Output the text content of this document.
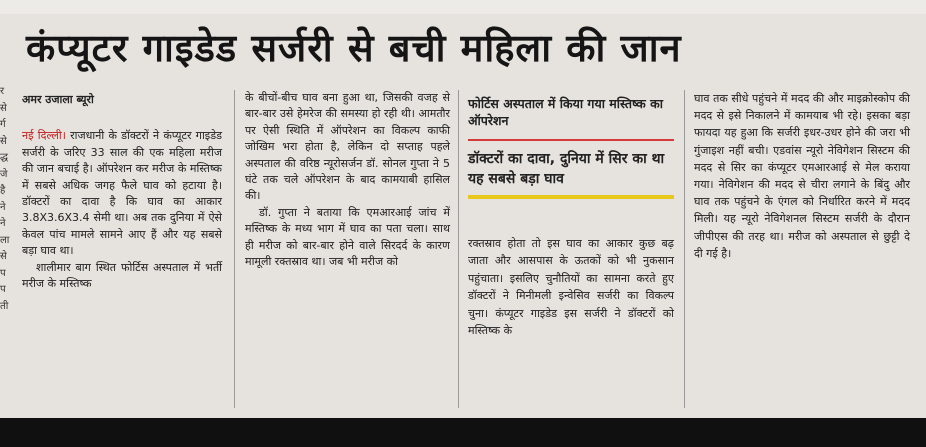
कंप्यूटर गाइडेड सर्जरी से बची महिला की जान
र
से
र्ग
से
द्ध
जे
है
ने
ने
ला
से
प
प
ती

अमर उजाला ब्यूरो

नई दिल्ली। राजधानी के डॉक्टरों ने कंप्यूटर गाइडेड सर्जरी के जरिए 33 साल की एक महिला मरीज की जान बचाई है। ऑपरेशन कर मरीज के मस्तिष्क में सबसे अधिक जगह फैले घाव को हटाया है। डॉक्टरों का दावा है कि घाव का आकार 3.8X3.6X3.4 सेमी था। अब तक दुनिया में ऐसे केवल पांच मामले सामने आए हैं और यह सबसे बड़ा घाव था।

शालीमार बाग स्थित फोर्टिस अस्पताल में भर्ती मरीज के मस्तिष्क

के बीचों-बीच घाव बना हुआ था, जिसकी वजह से बार-बार उसे हेमरेज की समस्या हो रही थी। आमतौर पर ऐसी स्थिति में ऑपरेशन का विकल्प काफी जोखिम भरा होता है, लेकिन दो सप्ताह पहले अस्पताल की वरिष्ठ न्यूरोसर्जन डॉ. सोनल गुप्ता ने 5 घंटे तक चले ऑपरेशन के बाद कामयाबी हासिल की।

डॉ. गुप्ता ने बताया कि एमआरआई जांच में मस्तिष्क के मध्य भाग में घाव का पता चला। साथ ही मरीज को बार-बार होने वाले सिरदर्द के कारण मामूली रक्तस्राव था। जब भी मरीज को

फोर्टिस अस्पताल में किया गया मस्तिष्क का ऑपरेशन

डॉक्टरों का दावा, दुनिया में सिर का था यह सबसे बड़ा घाव

रक्तस्राव होता तो इस घाव का आकार कुछ बढ़ जाता और आसपास के ऊतकों को भी नुकसान पहुंचाता। इसलिए चुनौतियों का सामना करते हुए डॉक्टरों ने मिनीमली इन्वेसिव सर्जरी का विकल्प चुना। कंप्यूटर गाइडेड इस सर्जरी ने डॉक्टरों को मस्तिष्क के

घाव तक सीधे पहुंचने में मदद की और माइक्रोस्कोप की मदद से इसे निकालने में कामयाब भी रहे। इसका बड़ा फायदा यह हुआ कि सर्जरी इधर-उधर होने की जरा भी गुंजाइश नहीं बची। एडवांस न्यूरो नेविगेशन सिस्टम की मदद से सिर का कंप्यूटर एमआरआई से मेल कराया गया। नेविगेशन की मदद से चीरा लगाने के बिंदु और घाव तक पहुंचने के एंगल को निर्धारित करने में मदद मिली। यह न्यूरो नेविगेशनल सिस्टम सर्जरी के दौरान जीपीएस की तरह था। मरीज को अस्पताल से छुट्टी दे दी गई है।
